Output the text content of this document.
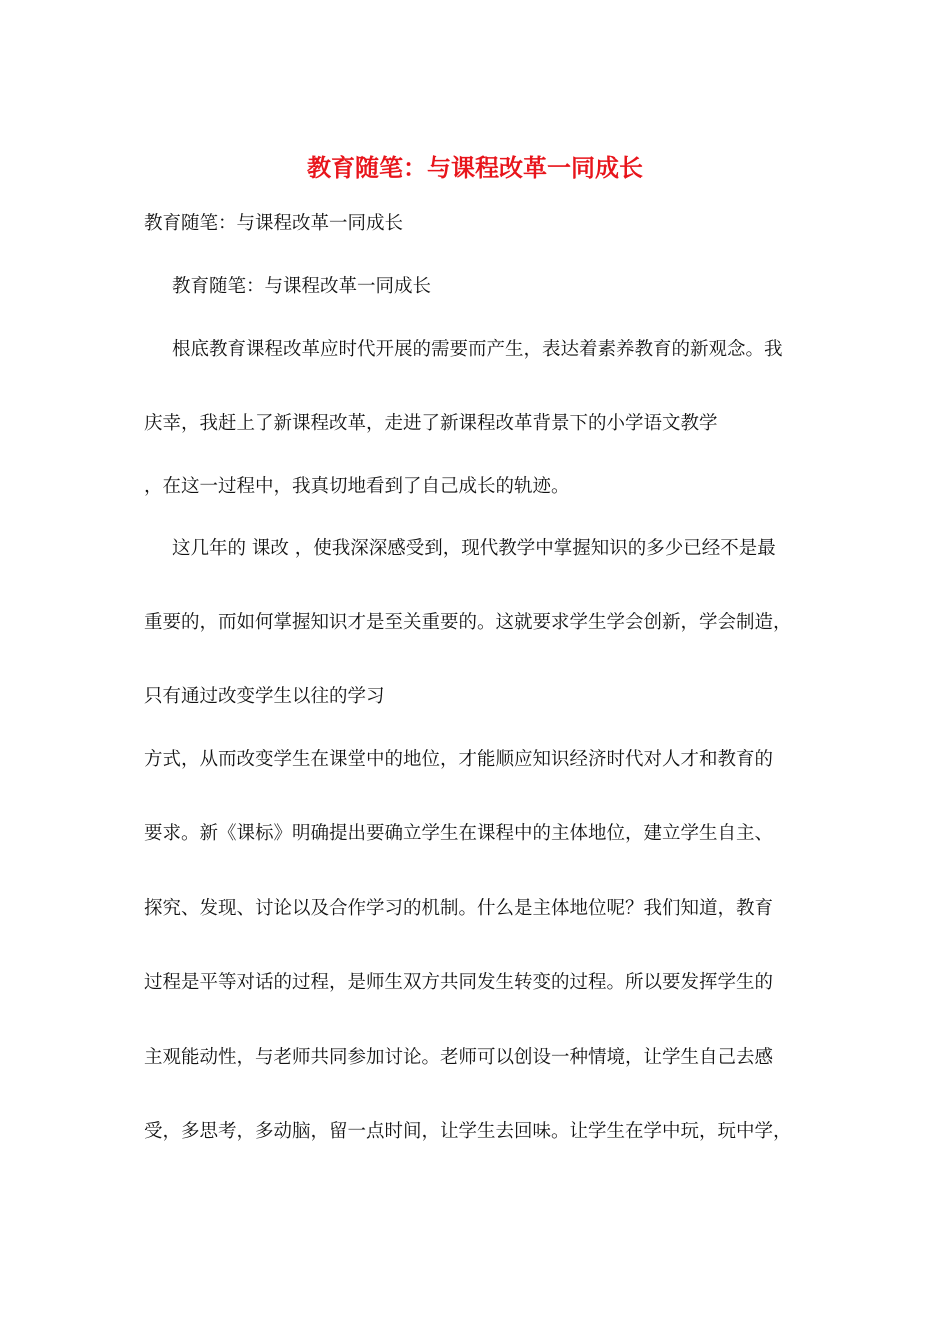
教育随笔：与课程改革一同成长
教育随笔：与课程改革一同成长
教育随笔：与课程改革一同成长
根底教育课程改革应时代开展的需要而产生，表达着素养教育的新观念。我
庆幸，我赶上了新课程改革，走进了新课程改革背景下的小学语文教学
，在这一过程中，我真切地看到了自己成长的轨迹。
这几年的 课改 ，使我深深感受到，现代教学中掌握知识的多少已经不是最
重要的，而如何掌握知识才是至关重要的。这就要求学生学会创新，学会制造，
只有通过改变学生以往的学习
方式，从而改变学生在课堂中的地位，才能顺应知识经济时代对人才和教育的
要求。新《课标》明确提出要确立学生在课程中的主体地位，建立学生自主、
探究、发现、讨论以及合作学习的机制。什么是主体地位呢？我们知道，教育
过程是平等对话的过程，是师生双方共同发生转变的过程。所以要发挥学生的
主观能动性，与老师共同参加讨论。老师可以创设一种情境，让学生自己去感
受，多思考，多动脑，留一点时间，让学生去回味。让学生在学中玩，玩中学，
